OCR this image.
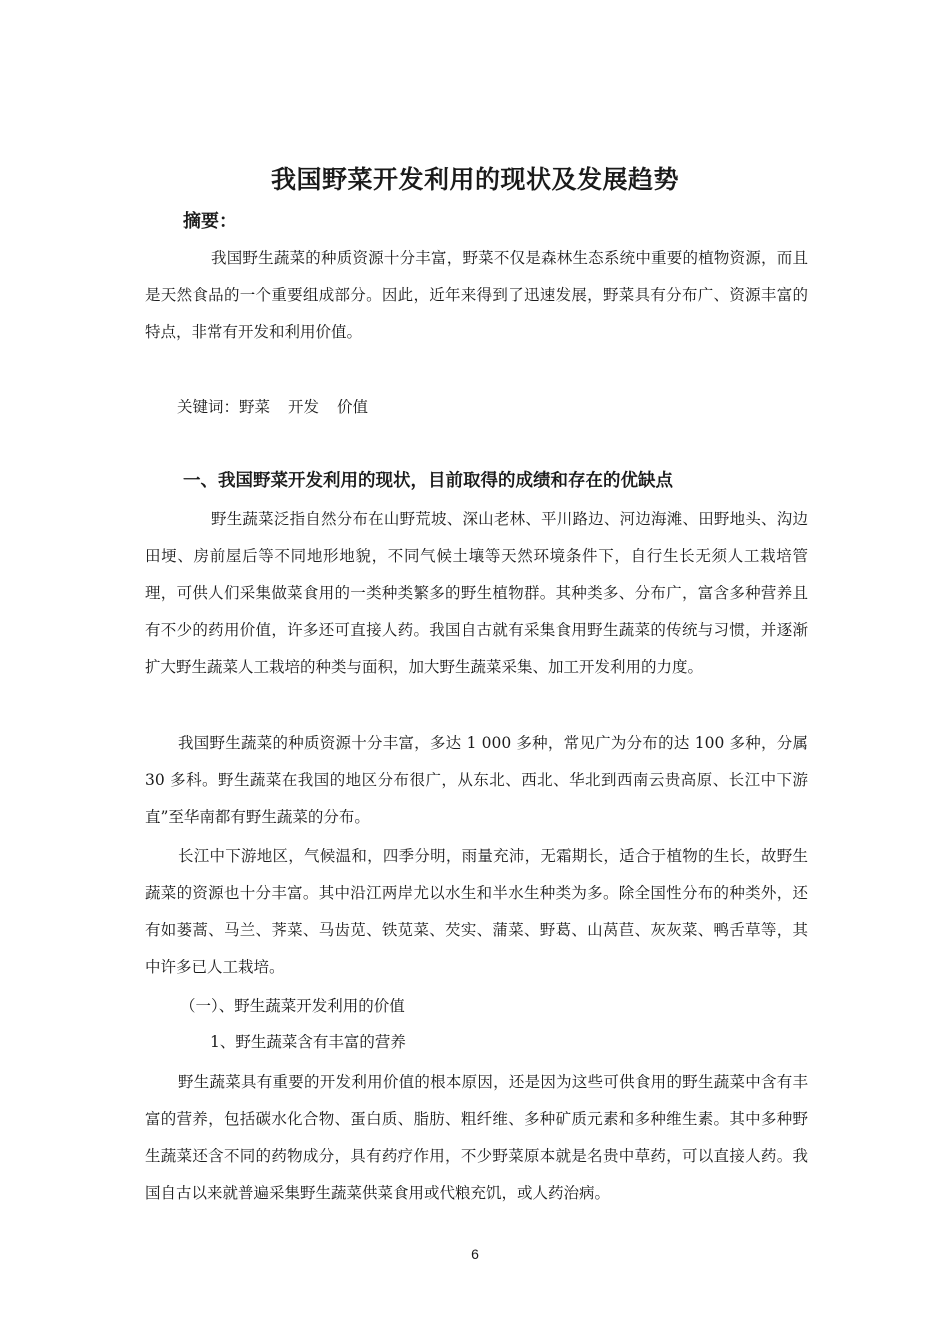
我国野菜开发利用的现状及发展趋势

摘要：

我国野生蔬菜的种质资源十分丰富，野菜不仅是森林生态系统中重要的植物资源，而且是天然食品的一个重要组成部分。因此，近年来得到了迅速发展，野菜具有分布广、资源丰富的特点，非常有开发和利用价值。

关键词：野菜 开发 价值

一、我国野菜开发利用的现状，目前取得的成绩和存在的优缺点

野生蔬菜泛指自然分布在山野荒坡、深山老林、平川路边、河边海滩、田野地头、沟边田埂、房前屋后等不同地形地貌，不同气候土壤等天然环境条件下，自行生长无须人工栽培管理，可供人们采集做菜食用的一类种类繁多的野生植物群。其种类多、分布广，富含多种营养且有不少的药用价值，许多还可直接人药。我国自古就有采集食用野生蔬菜的传统与习惯，并逐渐扩大野生蔬菜人工栽培的种类与面积，加大野生蔬菜采集、加工开发利用的力度。

我国野生蔬菜的种质资源十分丰富，多达 1 000 多种，常见广为分布的达 100 多种，分属 30 多科。野生蔬菜在我国的地区分布很广，从东北、西北、华北到西南云贵高原、长江中下游直”至华南都有野生蔬菜的分布。

长江中下游地区，气候温和，四季分明，雨量充沛，无霜期长，适合于植物的生长，故野生蔬菜的资源也十分丰富。其中沿江两岸尤以水生和半水生种类为多。除全国性分布的种类外，还有如蒌蒿、马兰、荠菜、马齿苋、铁苋菜、芡实、蒲菜、野葛、山莴苣、灰灰菜、鸭舌草等，其中许多已人工栽培。

（一）、野生蔬菜开发利用的价值

1、野生蔬菜含有丰富的营养

野生蔬菜具有重要的开发利用价值的根本原因，还是因为这些可供食用的野生蔬菜中含有丰富的营养，包括碳水化合物、蛋白质、脂肪、粗纤维、多种矿质元素和多种维生素。其中多种野生蔬菜还含不同的药物成分，具有药疗作用，不少野菜原本就是名贵中草药，可以直接人药。我国自古以来就普遍采集野生蔬菜供菜食用或代粮充饥，或人药治病。

6
